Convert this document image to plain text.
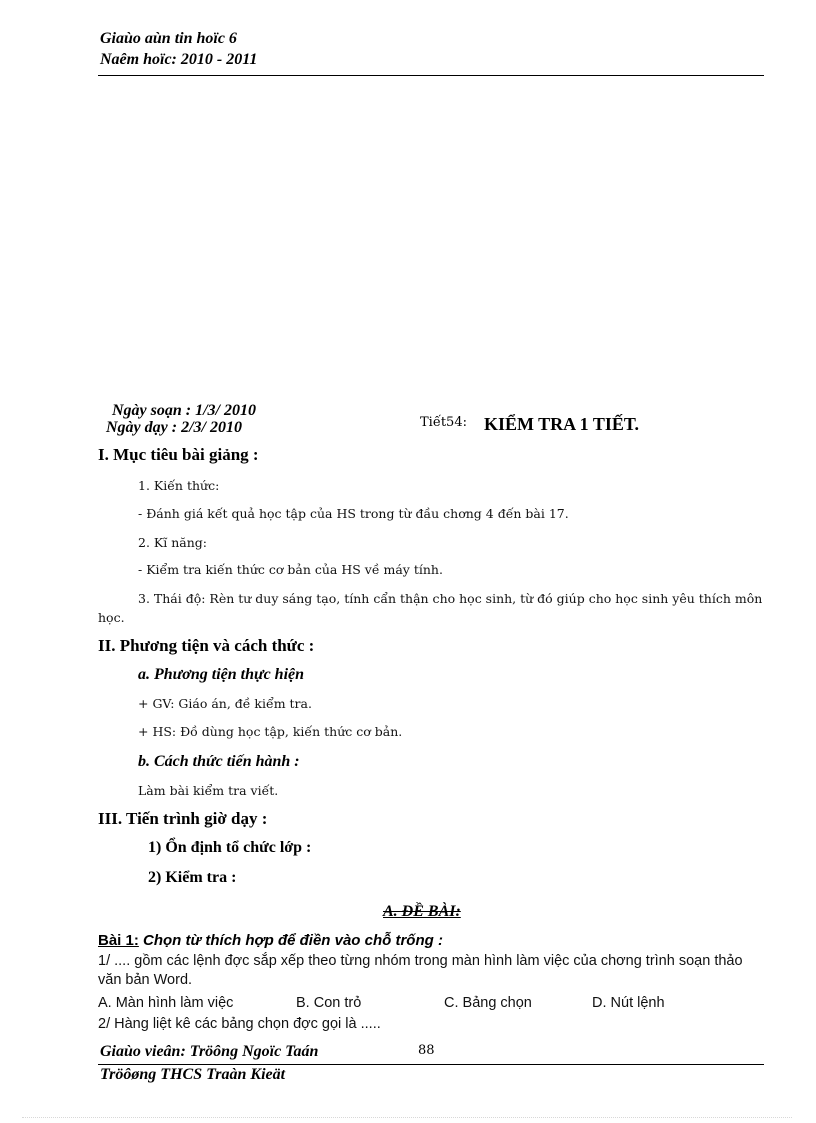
Giaùo aùn tin hoïc 6
Naêm hoïc: 2010 - 2011
Ngày soạn : 1/3/ 2010
Ngày dạy : 2/3/ 2010	Tiết54: KIỂM TRA 1 TIẾT.
I. Mục tiêu bài giảng :
1. Kiến thức:
- Đánh giá kết quả học tập của HS trong từ đầu chơng 4 đến bài 17.
2. Kĩ năng:
- Kiểm tra kiến thức cơ bản của HS về máy tính.
3. Thái độ: Rèn tư duy sáng tạo, tính cẩn thận cho học sinh, từ đó giúp cho học sinh yêu thích môn học.
II. Phương tiện và cách thức :
a. Phương tiện thực hiện
+ GV: Giáo án, đề kiểm tra.
+ HS: Đồ dùng học tập, kiến thức cơ bản.
b. Cách thức tiến hành :
Làm bài kiểm tra viết.
III. Tiến trình giờ dạy :
1) Ổn định tổ chức lớp :
2) Kiểm tra :
A. ĐỀ BÀI:
Bài 1: Chọn từ thích hợp để điền vào chỗ trống :
1/ .... gồm các lệnh đợc sắp xếp theo từng nhóm trong màn hình làm việc của chơng trình soạn thảo văn bản Word.
A. Màn hình làm việc	B. Con trỏ	C. Bảng chọn	D. Nút lệnh
2/ Hàng liệt kê các bảng chọn đợc gọi là .....
Giaùo vieân: Tröông Ngoïc Taán	88
Tröôøng THCS Traàn Kieät
